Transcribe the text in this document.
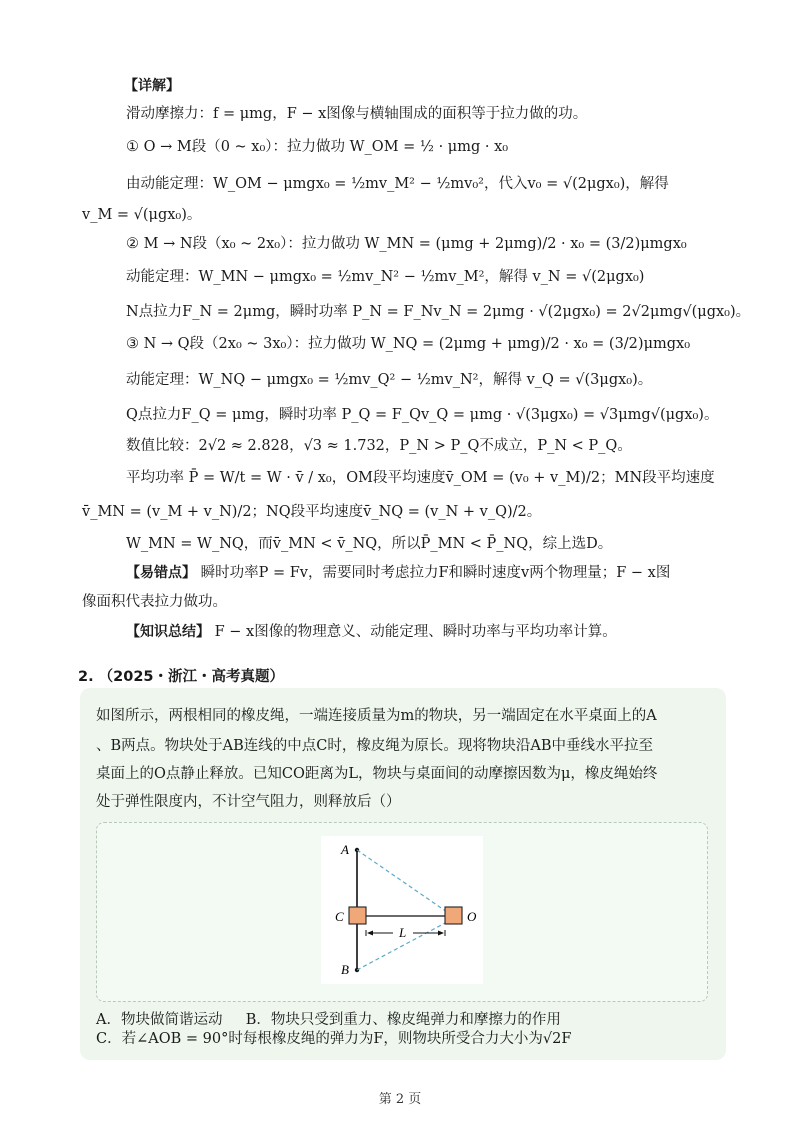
【详解】
滑动摩擦力：f = μmg，F − x图像与横轴围成的面积等于拉力做的功。
① O → M段（0 ~ x₀）：拉力做功 W_OM = ½ · μmg · x₀
由动能定理：W_OM − μmgx₀ = ½mv_M² − ½mv₀²，代入v₀ = √(2μgx₀)，解得
v_M = √(μgx₀)。
② M → N段（x₀ ~ 2x₀）：拉力做功 W_MN = (μmg + 2μmg)/2 · x₀ = (3/2)μmgx₀
动能定理：W_MN − μmgx₀ = ½mv_N² − ½mv_M²，解得 v_N = √(2μgx₀)
N点拉力F_N = 2μmg，瞬时功率 P_N = F_Nv_N = 2μmg · √(2μgx₀) = 2√2μmg√(μgx₀)。
③ N → Q段（2x₀ ~ 3x₀）：拉力做功 W_NQ = (2μmg + μmg)/2 · x₀ = (3/2)μmgx₀
动能定理：W_NQ − μmgx₀ = ½mv_Q² − ½mv_N²，解得 v_Q = √(3μgx₀)。
Q点拉力F_Q = μmg，瞬时功率 P_Q = F_Qv_Q = μmg · √(3μgx₀) = √3μmg√(μgx₀)。
数值比较：2√2 ≈ 2.828，√3 ≈ 1.732，P_N > P_Q不成立，P_N < P_Q。
平均功率 P̄ = W/t = W · v̄ / x₀，OM段平均速度v̄_OM = (v₀ + v_M)/2；MN段平均速度
v̄_MN = (v_M + v_N)/2；NQ段平均速度v̄_NQ = (v_N + v_Q)/2。
W_MN = W_NQ，而v̄_MN < v̄_NQ，所以P̄_MN < P̄_NQ，综上选D。
【易错点】 瞬时功率P = Fv，需要同时考虑拉力F和瞬时速度v两个物理量；F − x图
像面积代表拉力做功。
【知识总结】 F − x图像的物理意义、动能定理、瞬时功率与平均功率计算。
2. （2025・浙江・高考真题）
如图所示，两根相同的橡皮绳，一端连接质量为m的物块，另一端固定在水平桌面上的A
、B两点。物块处于AB连线的中点C时，橡皮绳为原长。现将物块沿AB中垂线水平拉至
桌面上的O点静止释放。已知CO距离为L，物块与桌面间的动摩擦因数为μ，橡皮绳始终
处于弹性限度内，不计空气阻力，则释放后（）
A
B
C	O
L
A．物块做简谐运动 B．物块只受到重力、橡皮绳弹力和摩擦力的作用
C．若∠AOB = 90°时每根橡皮绳的弹力为F，则物块所受合力大小为√2F
第 2 页
